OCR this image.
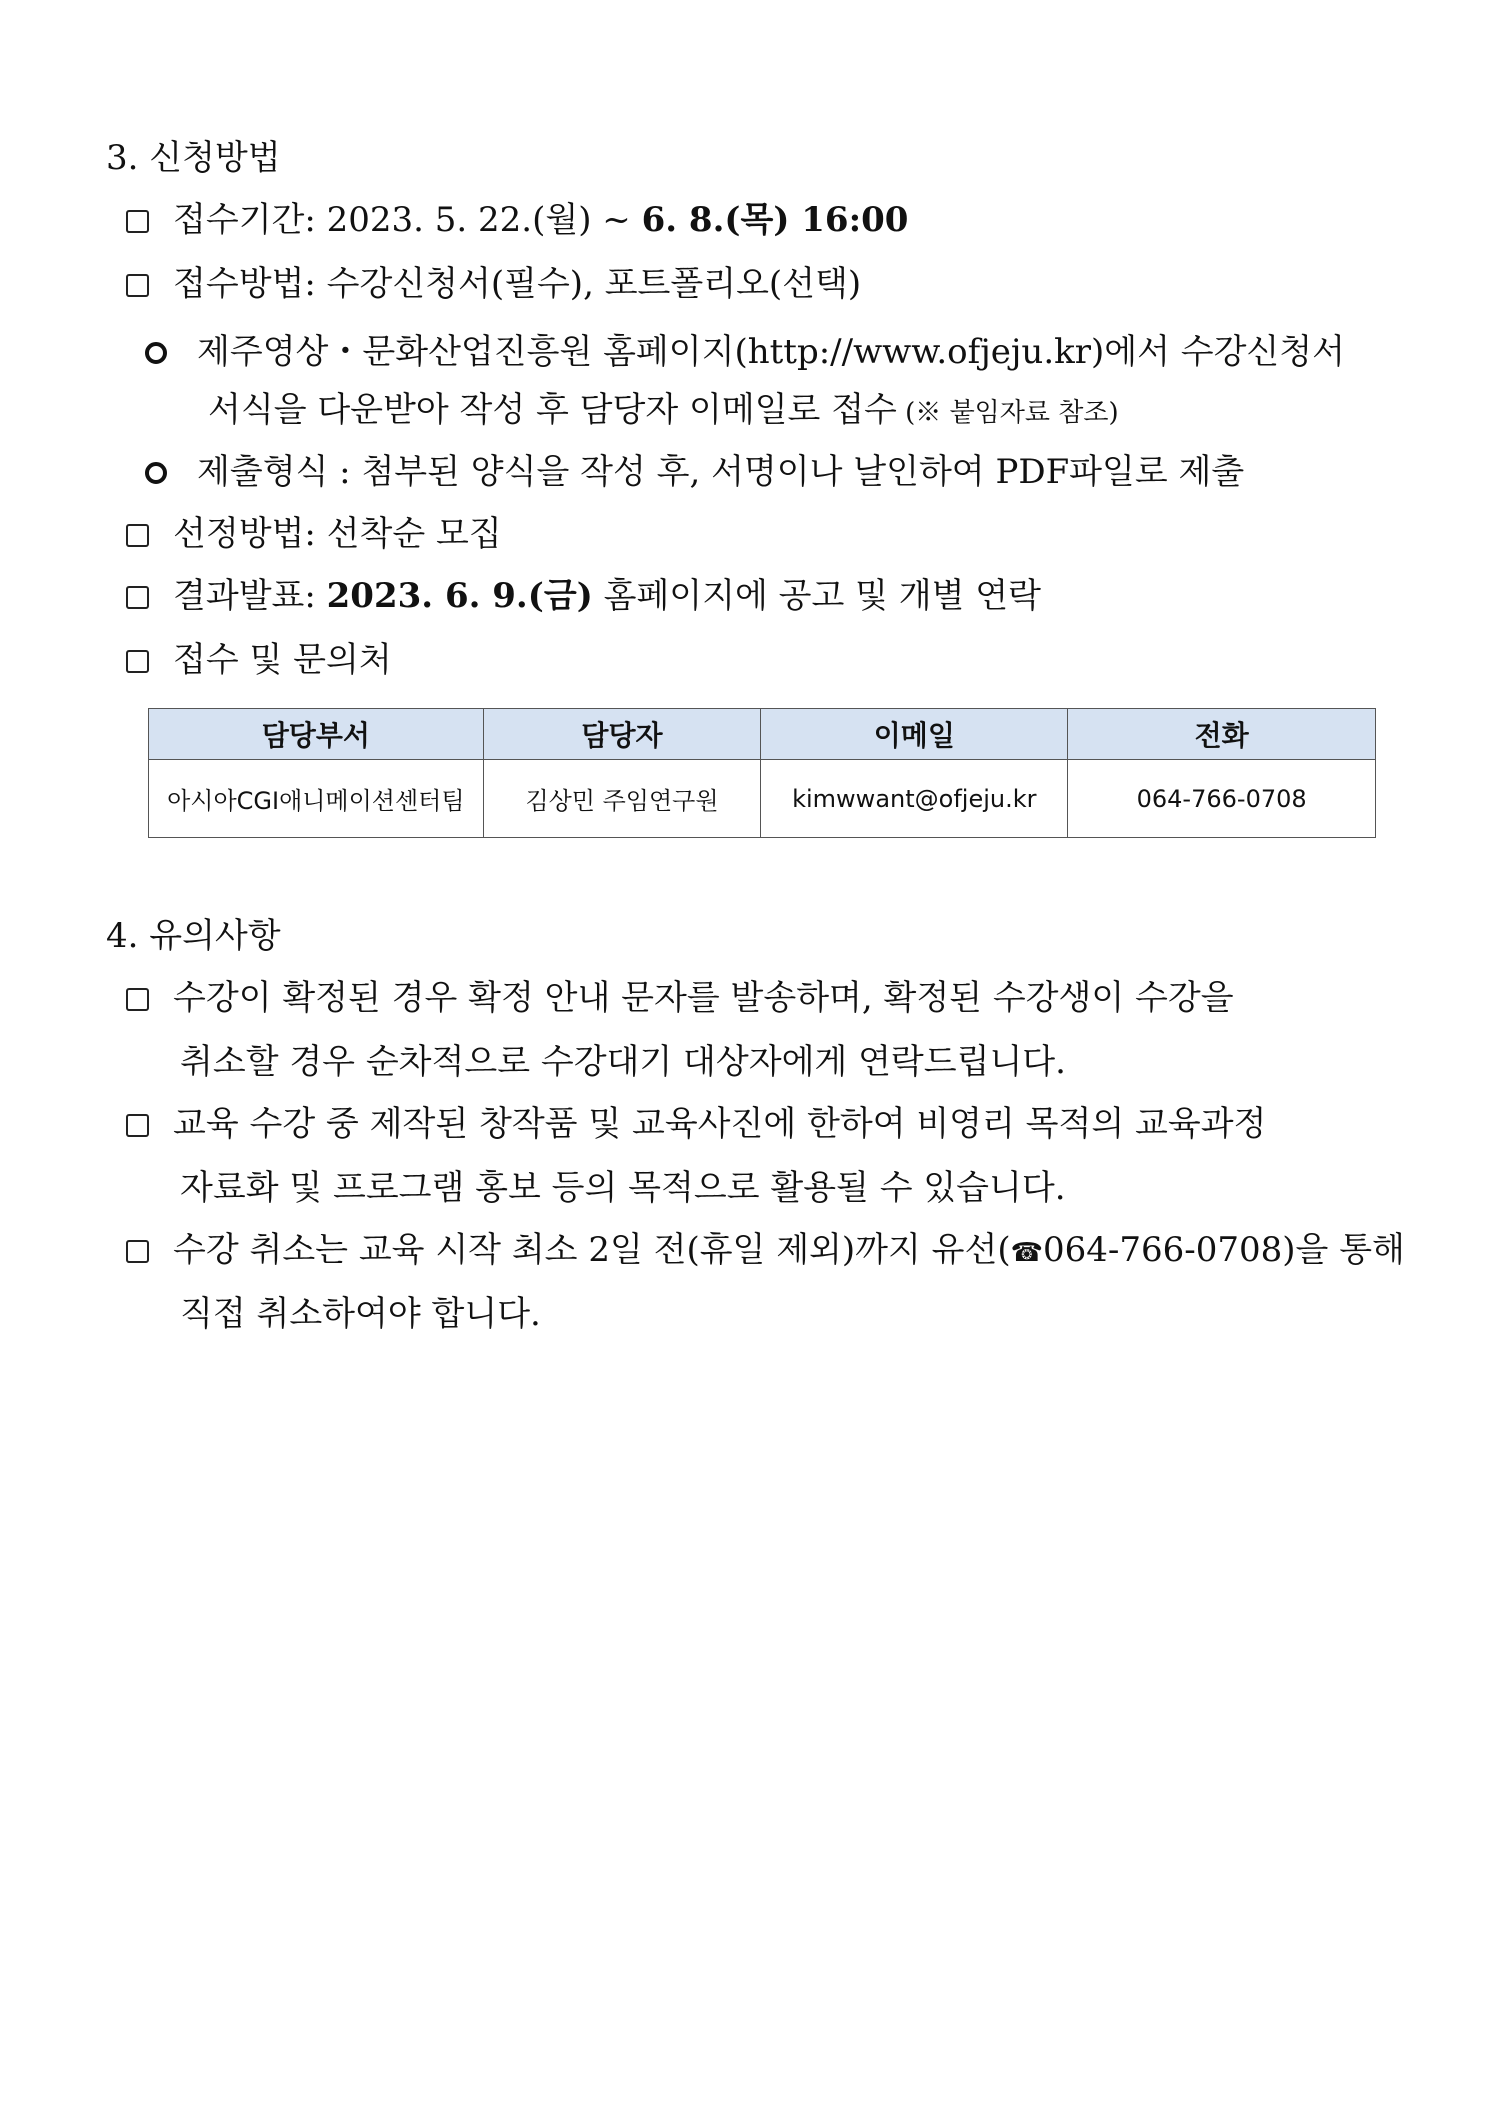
3. 신청방법
접수기간: 2023. 5. 22.(월) ~ 6. 8.(목) 16:00
접수방법: 수강신청서(필수), 포트폴리오(선택)
제주영상・문화산업진흥원 홈페이지(http://www.ofjeju.kr)에서 수강신청서
서식을 다운받아 작성 후 담당자 이메일로 접수 (※ 붙임자료 참조)
제출형식 : 첨부된 양식을 작성 후, 서명이나 날인하여 PDF파일로 제출
선정방법: 선착순 모집
결과발표: 2023. 6. 9.(금) 홈페이지에 공고 및 개별 연락
접수 및 문의처
담당부서	담당자	이메일	전화
아시아CGI애니메이션센터팀	김상민 주임연구원	kimwwant@ofjeju.kr	064-766-0708
4. 유의사항
수강이 확정된 경우 확정 안내 문자를 발송하며, 확정된 수강생이 수강을
취소할 경우 순차적으로 수강대기 대상자에게 연락드립니다.
교육 수강 중 제작된 창작품 및 교육사진에 한하여 비영리 목적의 교육과정
자료화 및 프로그램 홍보 등의 목적으로 활용될 수 있습니다.
수강 취소는 교육 시작 최소 2일 전(휴일 제외)까지 유선(☎064-766-0708)을 통해
직접 취소하여야 합니다.
